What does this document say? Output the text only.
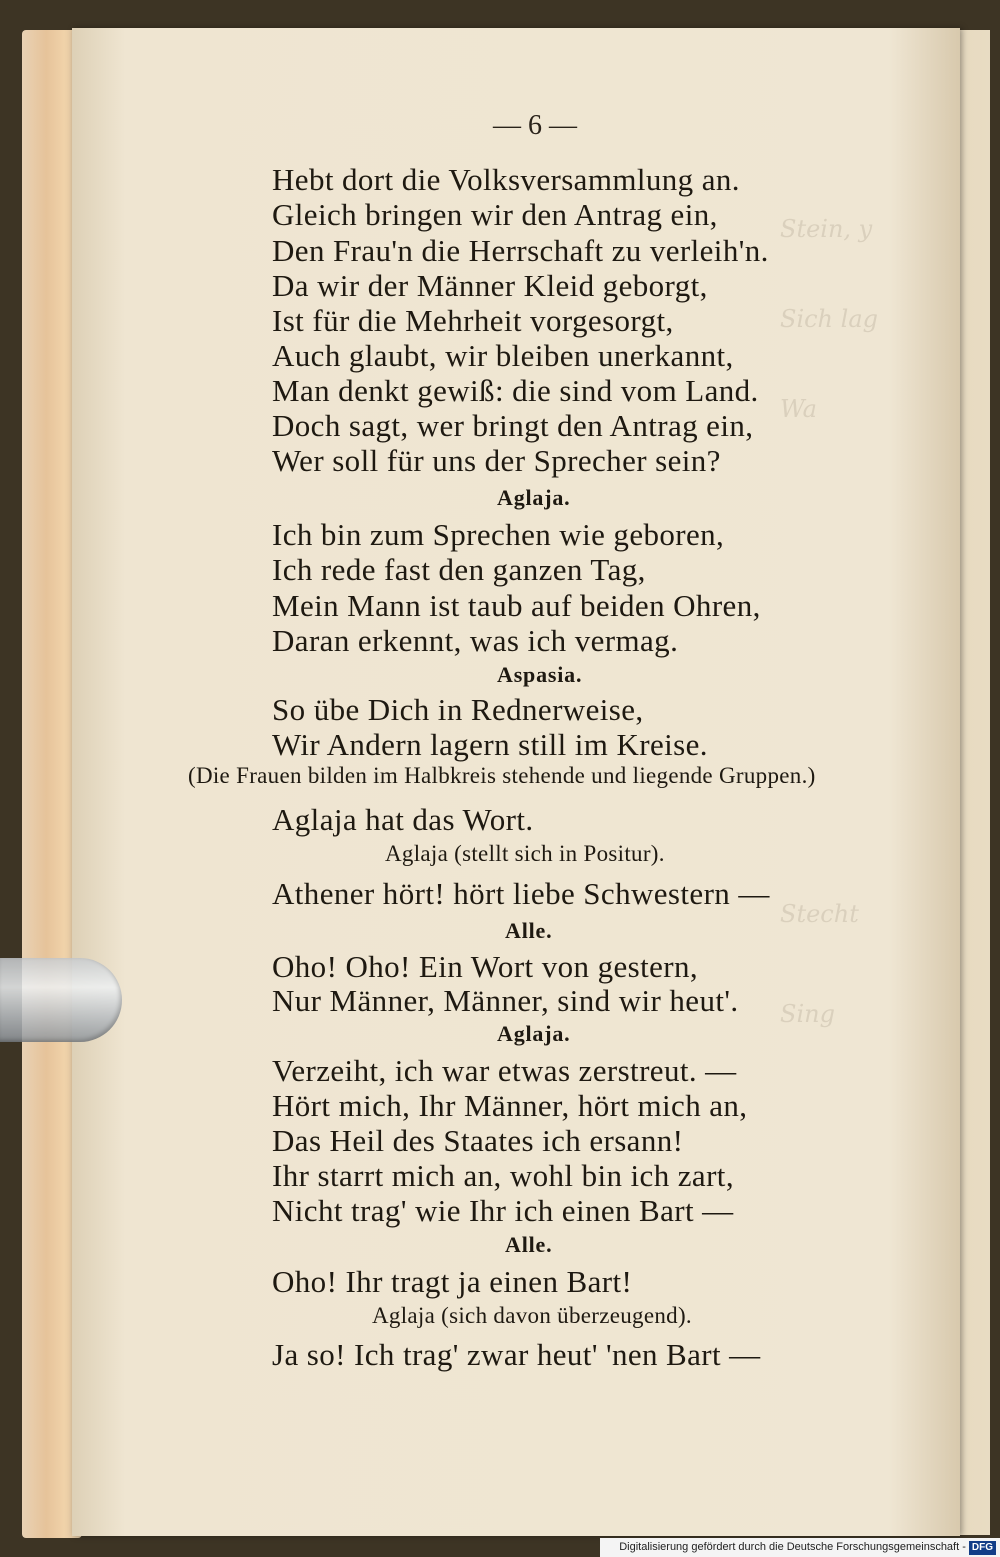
Stein, y
Sich lag
Wa
Stecht
Sing
— 6 —
Hebt dort die Volksversammlung an.
Gleich bringen wir den Antrag ein,
Den Frau'n die Herrschaft zu verleih'n.
Da wir der Männer Kleid geborgt,
Ist für die Mehrheit vorgesorgt,
Auch glaubt, wir bleiben unerkannt,
Man denkt gewiß: die sind vom Land.
Doch sagt, wer bringt den Antrag ein,
Wer soll für uns der Sprecher sein?
Aglaja.
Ich bin zum Sprechen wie geboren,
Ich rede fast den ganzen Tag,
Mein Mann ist taub auf beiden Ohren,
Daran erkennt, was ich vermag.
Aspasia.
So übe Dich in Rednerweise,
Wir Andern lagern still im Kreise.
(Die Frauen bilden im Halbkreis stehende und liegende Gruppen.)
Aglaja hat das Wort.
Aglaja (stellt sich in Positur).
Athener hört! hört liebe Schwestern —
Alle.
Oho! Oho! Ein Wort von gestern,
Nur Männer, Männer, sind wir heut'.
Aglaja.
Verzeiht, ich war etwas zerstreut. —
Hört mich, Ihr Männer, hört mich an,
Das Heil des Staates ich ersann!
Ihr starrt mich an, wohl bin ich zart,
Nicht trag' wie Ihr ich einen Bart —
Alle.
Oho! Ihr tragt ja einen Bart!
Aglaja (sich davon überzeugend).
Ja so! Ich trag' zwar heut' 'nen Bart —
Digitalisierung gefördert durch die Deutsche Forschungsgemeinschaft - DFG
